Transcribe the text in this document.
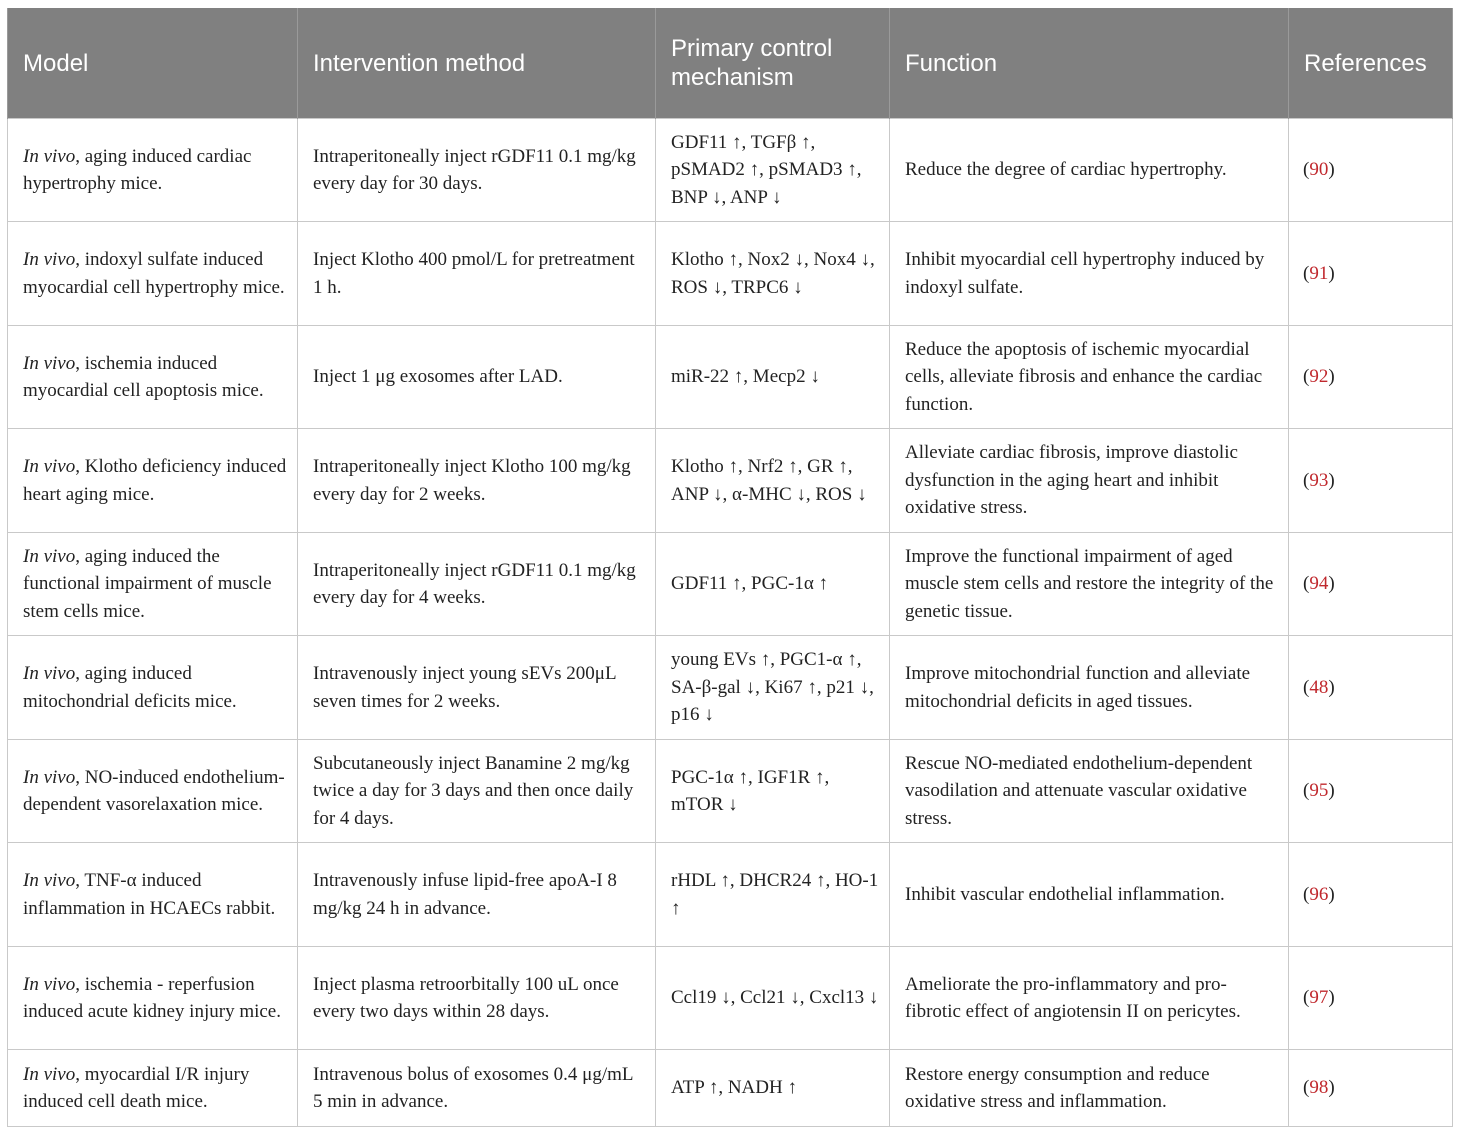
Model	Intervention method	Primary control mechanism	Function	References
In vivo, aging induced cardiac hypertrophy mice.	Intraperitoneally inject rGDF11 0.1 mg/kg every day for 30 days.	GDF11 ↑, TGFβ ↑, pSMAD2 ↑, pSMAD3 ↑, BNP ↓, ANP ↓	Reduce the degree of cardiac hypertrophy.	(90)
In vivo, indoxyl sulfate induced myocardial cell hypertrophy mice.	Inject Klotho 400 pmol/L for pretreatment 1 h.	Klotho ↑, Nox2 ↓, Nox4 ↓, ROS ↓, TRPC6 ↓	Inhibit myocardial cell hypertrophy induced by indoxyl sulfate.	(91)
In vivo, ischemia induced myocardial cell apoptosis mice.	Inject 1 μg exosomes after LAD.	miR-22 ↑, Mecp2 ↓	Reduce the apoptosis of ischemic myocardial cells, alleviate fibrosis and enhance the cardiac function.	(92)
In vivo, Klotho deficiency induced heart aging mice.	Intraperitoneally inject Klotho 100 mg/kg every day for 2 weeks.	Klotho ↑, Nrf2 ↑, GR ↑, ANP ↓, α-MHC ↓, ROS ↓	Alleviate cardiac fibrosis, improve diastolic dysfunction in the aging heart and inhibit oxidative stress.	(93)
In vivo, aging induced the functional impairment of muscle stem cells mice.	Intraperitoneally inject rGDF11 0.1 mg/kg every day for 4 weeks.	GDF11 ↑, PGC-1α ↑	Improve the functional impairment of aged muscle stem cells and restore the integrity of the genetic tissue.	(94)
In vivo, aging induced mitochondrial deficits mice.	Intravenously inject young sEVs 200μL seven times for 2 weeks.	young EVs ↑, PGC1-α ↑, SA-β-gal ↓, Ki67 ↑, p21 ↓, p16 ↓	Improve mitochondrial function and alleviate mitochondrial deficits in aged tissues.	(48)
In vivo, NO-induced endothelium-dependent vasorelaxation mice.	Subcutaneously inject Banamine 2 mg/kg twice a day for 3 days and then once daily for 4 days.	PGC-1α ↑, IGF1R ↑, mTOR ↓	Rescue NO-mediated endothelium-dependent vasodilation and attenuate vascular oxidative stress.	(95)
In vivo, TNF-α induced inflammation in HCAECs rabbit.	Intravenously infuse lipid-free apoA-I 8 mg/kg 24 h in advance.	rHDL ↑, DHCR24 ↑, HO-1 ↑	Inhibit vascular endothelial inflammation.	(96)
In vivo, ischemia - reperfusion induced acute kidney injury mice.	Inject plasma retroorbitally 100 uL once every two days within 28 days.	Ccl19 ↓, Ccl21 ↓, Cxcl13 ↓	Ameliorate the pro-inflammatory and pro-fibrotic effect of angiotensin II on pericytes.	(97)
In vivo, myocardial I/R injury induced cell death mice.	Intravenous bolus of exosomes 0.4 μg/mL 5 min in advance.	ATP ↑, NADH ↑	Restore energy consumption and reduce oxidative stress and inflammation.	(98)
